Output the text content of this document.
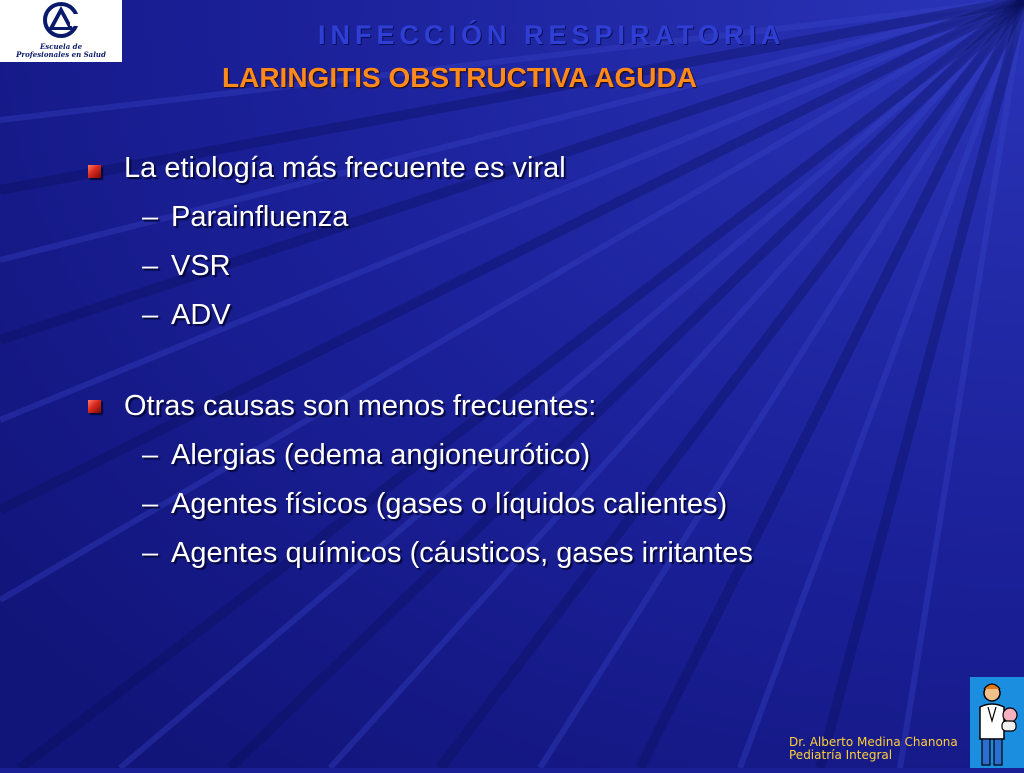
Escuela de
Profesionales en Salud
INFECCIÓN RESPIRATORIA
LARINGITIS OBSTRUCTIVA AGUDA
La etiología más frecuente es viral
– Parainfluenza
– VSR
– ADV
Otras causas son menos frecuentes:
– Alergias (edema angioneurótico)
– Agentes físicos (gases o líquidos calientes)
– Agentes químicos (cáusticos, gases irritantes
Dr. Alberto Medina Chanona
Pediatría Integral
